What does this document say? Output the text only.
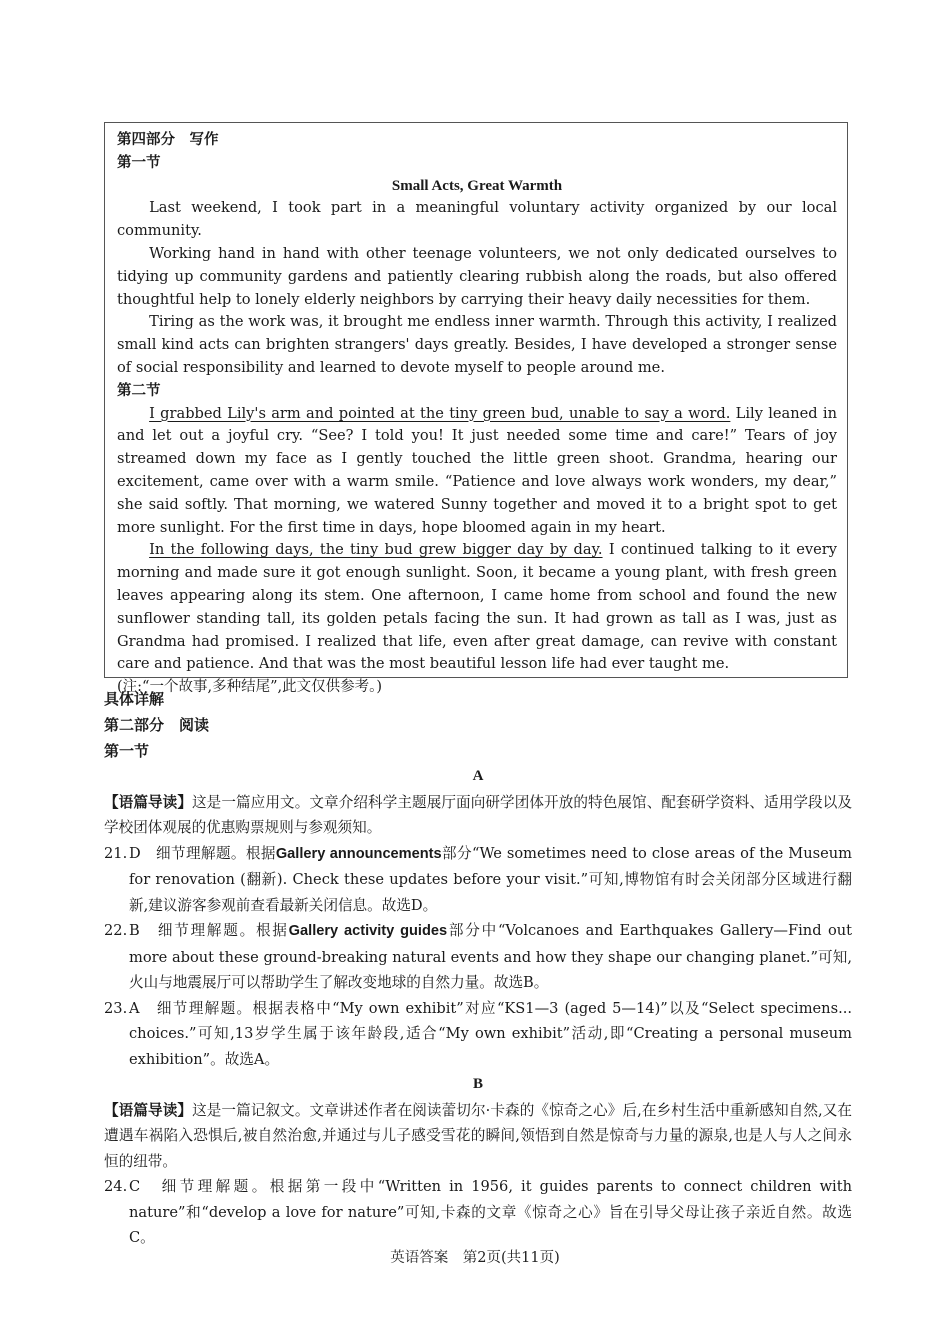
第四部分　写作
第一节
Small Acts, Great Warmth

Last weekend, I took part in a meaningful voluntary activity organized by our local community.

Working hand in hand with other teenage volunteers, we not only dedicated ourselves to tidying up community gardens and patiently clearing rubbish along the roads, but also offered thoughtful help to lonely elderly neighbors by carrying their heavy daily necessities for them.

Tiring as the work was, it brought me endless inner warmth. Through this activity, I realized small kind acts can brighten strangers' days greatly. Besides, I have developed a stronger sense of social responsibility and learned to devote myself to people around me.

第二节

I grabbed Lily's arm and pointed at the tiny green bud, unable to say a word. Lily leaned in and let out a joyful cry. “See? I told you! It just needed some time and care!” Tears of joy streamed down my face as I gently touched the little green shoot. Grandma, hearing our excitement, came over with a warm smile. “Patience and love always work wonders, my dear,” she said softly. That morning, we watered Sunny together and moved it to a bright spot to get more sunlight. For the first time in days, hope bloomed again in my heart.

In the following days, the tiny bud grew bigger day by day. I continued talking to it every morning and made sure it got enough sunlight. Soon, it became a young plant, with fresh green leaves appearing along its stem. One afternoon, I came home from school and found the new sunflower standing tall, its golden petals facing the sun. It had grown as tall as I was, just as Grandma had promised. I realized that life, even after great damage, can revive with constant care and patience. And that was the most beautiful lesson life had ever taught me.

(注:“一个故事,多种结尾”,此文仅供参考。)
具体详解
第二部分　阅读
第一节
A

【语篇导读】这是一篇应用文。文章介绍科学主题展厅面向研学团体开放的特色展馆、配套研学资料、适用学段以及学校团体观展的优惠购票规则与参观须知。

21. D　细节理解题。根据Gallery announcements部分“We sometimes need to close areas of the Museum for renovation (翻新). Check these updates before your visit.”可知,博物馆有时会关闭部分区域进行翻新,建议游客参观前查看最新关闭信息。故选D。
22. B　细节理解题。根据Gallery activity guides部分中“Volcanoes and Earthquakes Gallery—Find out more about these ground-breaking natural events and how they shape our changing planet.”可知,火山与地震展厅可以帮助学生了解改变地球的自然力量。故选B。
23. A　细节理解题。根据表格中“My own exhibit”对应“KS1—3 (aged 5—14)”以及“Select specimens... choices.”可知,13岁学生属于该年龄段,适合“My own exhibit”活动,即“Creating a personal museum exhibition”。故选A。
B

【语篇导读】这是一篇记叙文。文章讲述作者在阅读蕾切尔·卡森的《惊奇之心》后,在乡村生活中重新感知自然,又在遭遇车祸陷入恐惧后,被自然治愈,并通过与儿子感受雪花的瞬间,领悟到自然是惊奇与力量的源泉,也是人与人之间永恒的纽带。

24. C　细节理解题。根据第一段中“Written in 1956, it guides parents to connect children with nature”和“develop a love for nature”可知,卡森的文章《惊奇之心》旨在引导父母让孩子亲近自然。故选C。
英语答案　第2页(共11页)
